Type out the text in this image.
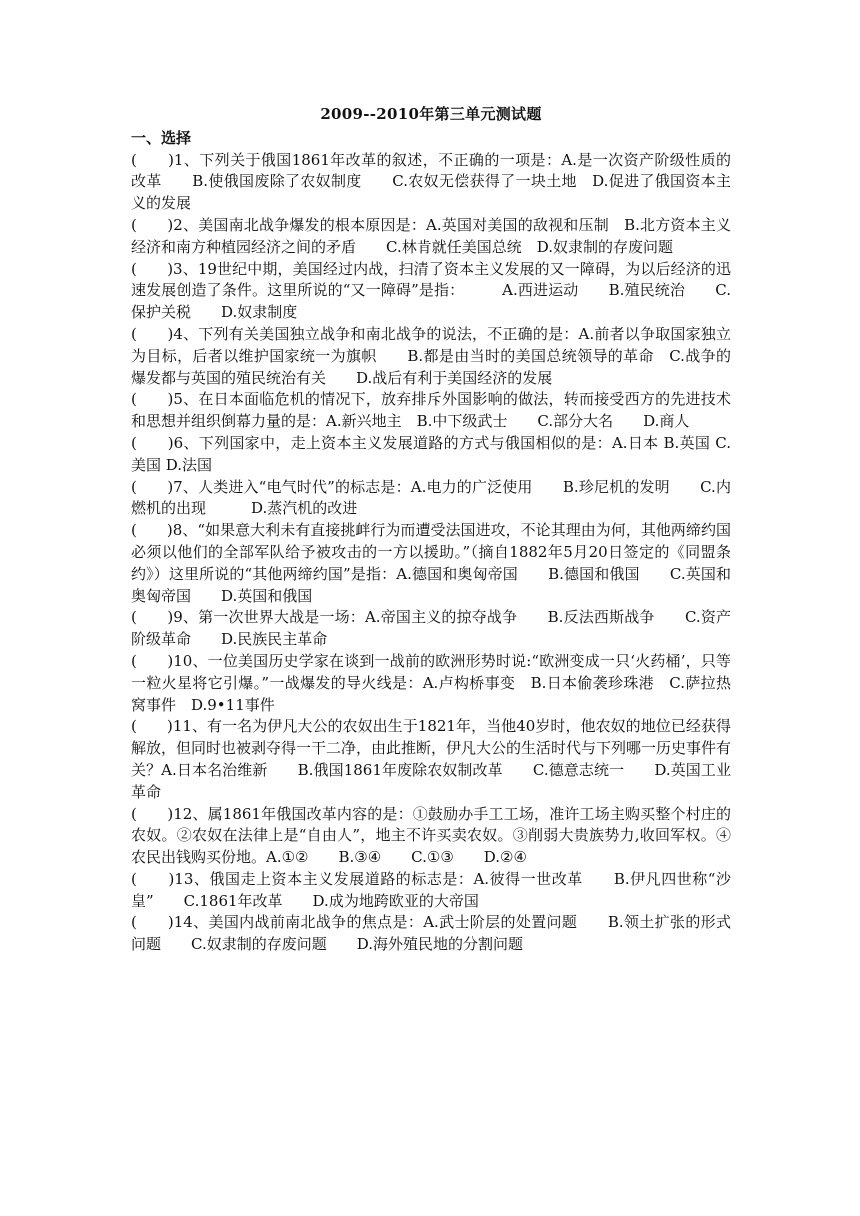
2009--2010年第三单元测试题

一、选择

(　　)1、下列关于俄国1861年改革的叙述，不正确的一项是：A.是一次资产阶级性质的改革　　B.使俄国废除了农奴制度　　C.农奴无偿获得了一块土地　D.促进了俄国资本主义的发展

(　　)2、美国南北战争爆发的根本原因是：A.英国对美国的敌视和压制　B.北方资本主义经济和南方种植园经济之间的矛盾　　C.林肯就任美国总统　D.奴隶制的存废问题

(　　)3、19世纪中期，美国经过内战，扫清了资本主义发展的又一障碍，为以后经济的迅速发展创造了条件。这里所说的“又一障碍”是指：　　　A.西进运动　　B.殖民统治　　C.保护关税　　D.奴隶制度

(　　)4、下列有关美国独立战争和南北战争的说法，不正确的是：A.前者以争取国家独立为目标，后者以维护国家统一为旗帜　　B.都是由当时的美国总统领导的革命　C.战争的爆发都与英国的殖民统治有关　　D.战后有利于美国经济的发展

(　　)5、在日本面临危机的情况下，放弃排斥外国影响的做法，转而接受西方的先进技术和思想并组织倒幕力量的是：A.新兴地主　B.中下级武士　　C.部分大名　　D.商人

(　　)6、下列国家中，走上资本主义发展道路的方式与俄国相似的是：A.日本 B.英国 C.美国 D.法国

(　　)7、人类进入“电气时代”的标志是：A.电力的广泛使用　　B.珍尼机的发明　　C.内燃机的出现　　　D.蒸汽机的改进

(　　)8、“如果意大利未有直接挑衅行为而遭受法国进攻，不论其理由为何，其他两缔约国必须以他们的全部军队给予被攻击的一方以援助。”（摘自1882年5月20日签定的《同盟条约》）这里所说的“其他两缔约国”是指：A.德国和奥匈帝国　　B.德国和俄国　　C.英国和奥匈帝国　　D.英国和俄国

(　　)9、第一次世界大战是一场：A.帝国主义的掠夺战争　　B.反法西斯战争　　C.资产阶级革命　　D.民族民主革命

(　　)10、一位美国历史学家在谈到一战前的欧洲形势时说:“欧洲变成一只‘火药桶’，只等一粒火星将它引爆。”一战爆发的导火线是：A.卢构桥事变　B.日本偷袭珍珠港　C.萨拉热窝事件　D.9•11事件

(　　)11、有一名为伊凡大公的农奴出生于1821年，当他40岁时，他农奴的地位已经获得解放，但同时也被剥夺得一干二净，由此推断，伊凡大公的生活时代与下列哪一历史事件有关？A.日本名治维新　　B.俄国1861年废除农奴制改革　　C.德意志统一　　D.英国工业革命

(　　)12、属1861年俄国改革内容的是：①鼓励办手工工场，准许工场主购买整个村庄的农奴。②农奴在法律上是“自由人”，地主不许买卖农奴。③削弱大贵族势力,收回军权。④农民出钱购买份地。A.①②　　B.③④　　C.①③　　D.②④

(　　)13、俄国走上资本主义发展道路的标志是：A.彼得一世改革　　B.伊凡四世称“沙皇”　　C.1861年改革　　D.成为地跨欧亚的大帝国

(　　)14、美国内战前南北战争的焦点是：A.武士阶层的处置问题　　B.领土扩张的形式问题　　C.奴隶制的存废问题　　D.海外殖民地的分割问题
